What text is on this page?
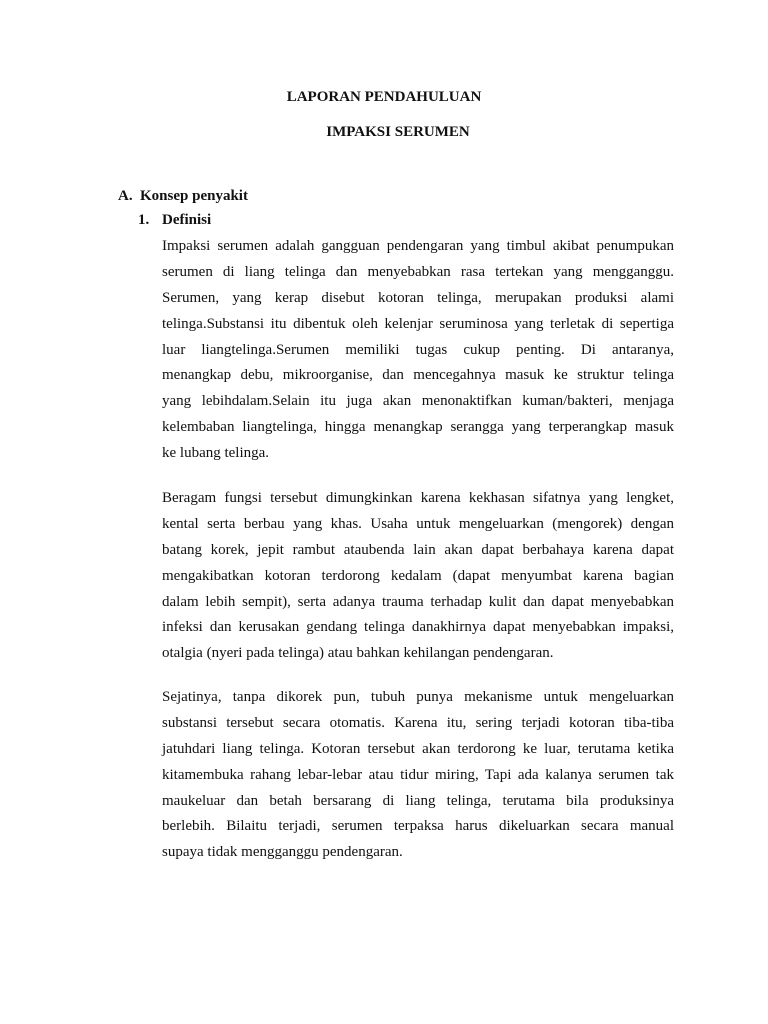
LAPORAN PENDAHULUAN
IMPAKSI SERUMEN
A. Konsep penyakit
1. Definisi
Impaksi serumen adalah gangguan pendengaran yang timbul akibat penumpukan
serumen di liang telinga dan menyebabkan rasa tertekan yang mengganggu.
Serumen, yang kerap disebut kotoran telinga, merupakan produksi alami
telinga.Substansi itu dibentuk oleh kelenjar seruminosa yang terletak di sepertiga
luar liangtelinga.Serumen memiliki tugas cukup penting. Di antaranya,
menangkap debu, mikroorganise, dan mencegahnya masuk ke struktur telinga
yang lebihdalam.Selain itu juga akan menonaktifkan kuman/bakteri, menjaga
kelembaban liangtelinga, hingga menangkap serangga yang terperangkap masuk
ke lubang telinga.
Beragam fungsi tersebut dimungkinkan karena kekhasan sifatnya yang lengket,
kental serta berbau yang khas. Usaha untuk mengeluarkan (mengorek) dengan
batang korek, jepit rambut ataubenda lain akan dapat berbahaya karena dapat
mengakibatkan kotoran terdorong kedalam (dapat menyumbat karena bagian
dalam lebih sempit), serta adanya trauma terhadap kulit dan dapat menyebabkan
infeksi dan kerusakan gendang telinga danakhirnya dapat menyebabkan impaksi,
otalgia (nyeri pada telinga) atau bahkan kehilangan pendengaran.
Sejatinya, tanpa dikorek pun, tubuh punya mekanisme untuk mengeluarkan
substansi tersebut secara otomatis. Karena itu, sering terjadi kotoran tiba-tiba
jatuhdari liang telinga. Kotoran tersebut akan terdorong ke luar, terutama ketika
kitamembuka rahang lebar-lebar atau tidur miring, Tapi ada kalanya serumen tak
maukeluar dan betah bersarang di liang telinga, terutama bila produksinya
berlebih. Bilaitu terjadi, serumen terpaksa harus dikeluarkan secara manual
supaya tidak mengganggu pendengaran.
